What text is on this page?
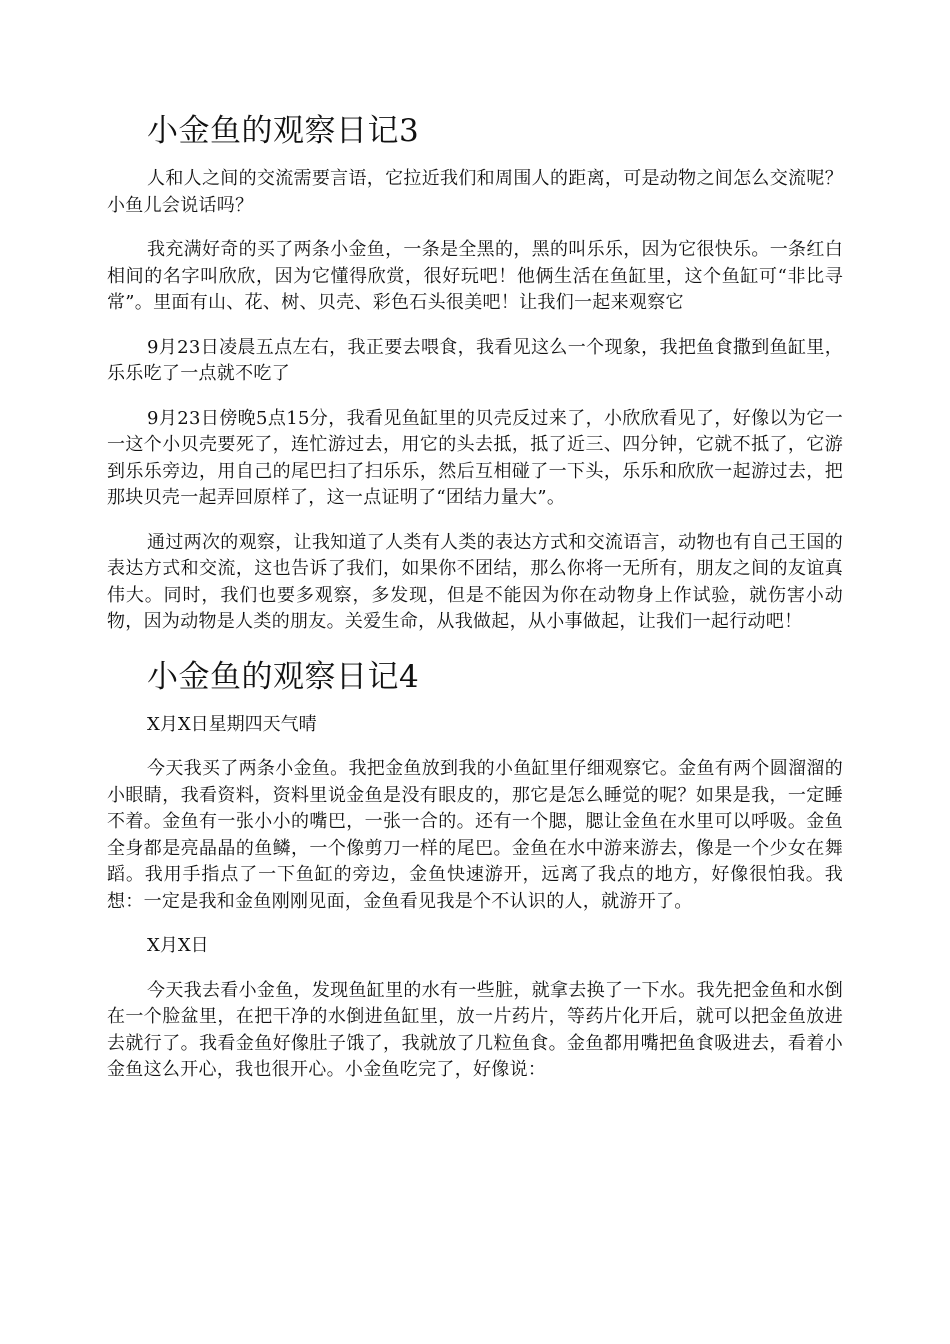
小金鱼的观察日记3

人和人之间的交流需要言语，它拉近我们和周围人的距离，可是动物之间怎么交流呢？小鱼儿会说话吗？

我充满好奇的买了两条小金鱼，一条是全黑的，黑的叫乐乐，因为它很快乐。一条红白相间的名字叫欣欣，因为它懂得欣赏，很好玩吧！他俩生活在鱼缸里，这个鱼缸可“非比寻常”。里面有山、花、树、贝壳、彩色石头很美吧！让我们一起来观察它

9月23日凌晨五点左右，我正要去喂食，我看见这么一个现象，我把鱼食撒到鱼缸里，乐乐吃了一点就不吃了

9月23日傍晚5点15分，我看见鱼缸里的贝壳反过来了，小欣欣看见了，好像以为它一一这个小贝壳要死了，连忙游过去，用它的头去抵，抵了近三、四分钟，它就不抵了，它游到乐乐旁边，用自己的尾巴扫了扫乐乐，然后互相碰了一下头，乐乐和欣欣一起游过去，把那块贝壳一起弄回原样了，这一点证明了“团结力量大”。

通过两次的观察，让我知道了人类有人类的表达方式和交流语言，动物也有自己王国的表达方式和交流，这也告诉了我们，如果你不团结，那么你将一无所有，朋友之间的友谊真伟大。同时，我们也要多观察，多发现，但是不能因为你在动物身上作试验，就伤害小动物，因为动物是人类的朋友。关爱生命，从我做起，从小事做起，让我们一起行动吧！

小金鱼的观察日记4

X月X日星期四天气晴

今天我买了两条小金鱼。我把金鱼放到我的小鱼缸里仔细观察它。金鱼有两个圆溜溜的小眼睛，我看资料，资料里说金鱼是没有眼皮的，那它是怎么睡觉的呢？如果是我，一定睡不着。金鱼有一张小小的嘴巴，一张一合的。还有一个腮，腮让金鱼在水里可以呼吸。金鱼全身都是亮晶晶的鱼鳞，一个像剪刀一样的尾巴。金鱼在水中游来游去，像是一个少女在舞蹈。我用手指点了一下鱼缸的旁边，金鱼快速游开，远离了我点的地方，好像很怕我。我想：一定是我和金鱼刚刚见面，金鱼看见我是个不认识的人，就游开了。

X月X日

今天我去看小金鱼，发现鱼缸里的水有一些脏，就拿去换了一下水。我先把金鱼和水倒在一个脸盆里，在把干净的水倒进鱼缸里，放一片药片，等药片化开后，就可以把金鱼放进去就行了。我看金鱼好像肚子饿了，我就放了几粒鱼食。金鱼都用嘴把鱼食吸进去，看着小金鱼这么开心，我也很开心。小金鱼吃完了，好像说：
